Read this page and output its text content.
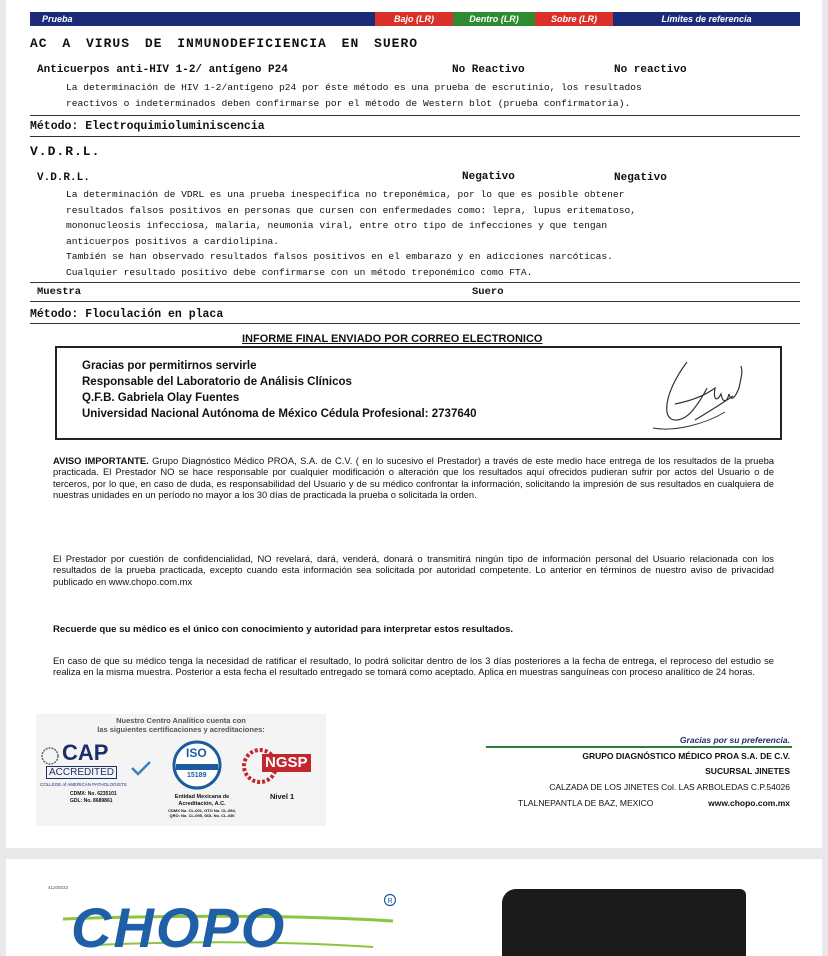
Prueba	Bajo (LR)	Dentro (LR)	Sobre (LR)	Límites de referencia
AC A VIRUS DE INMUNODEFICIENCIA EN SUERO
Anticuerpos anti-HIV 1-2/ antígeno P24	No Reactivo	No reactivo
La determinación de HIV 1-2/antígeno p24 por éste método es una prueba de escrutinio, los resultados
reactivos o indeterminados deben confirmarse por el método de Western blot (prueba confirmatoria).
Método: Electroquimioluminiscencia
V.D.R.L.
V.D.R.L.	Negativo	Negativo
La determinación de VDRL es una prueba inespecifica no treponémica, por lo que es posible obtener
resultados falsos positivos en personas que cursen con enfermedades como: lepra, lupus eritematoso,
mononucleosis infecciosa, malaria, neumonia viral, entre otro tipo de infecciones y que tengan
anticuerpos positivos a cardiolipina.
También se han observado resultados falsos positivos en el embarazo y en adicciones narcóticas.
Cualquier resultado positivo debe confirmarse con un método treponémico como FTA.
Muestra	Suero
Método: Floculación en placa
INFORME FINAL ENVIADO POR CORREO ELECTRONICO
Gracias por permitirnos servirle
Responsable del Laboratorio de Análisis Clínicos
Q.F.B. Gabriela Olay Fuentes
Universidad Nacional Autónoma de México Cédula Profesional: 2737640
AVISO IMPORTANTE. Grupo Diagnóstico Médico PROA, S.A. de C.V. ( en lo sucesivo el Prestador) a través de este medio hace entrega de los resultados de la prueba practicada. El Prestador NO se hace responsable por cualquier modificación o alteración que los resultados aquí ofrecidos pudieran sufrir por actos del Usuario o de terceros, por lo que, en caso de duda, es responsabilidad del Usuario y de su médico confrontar la información, solicitando la impresión de sus resultados en cualquiera de nuestras unidades en un período no mayor a los 30 días de practicada la prueba o solicitada la orden.
El Prestador por cuestión de confidencialidad, NO revelará, dará, venderá, donará o transmitirá ningún tipo de información personal del Usuario relacionada con los resultados de la prueba practicada, excepto cuando esta información sea solicitada por autoridad competente. Lo anterior en términos de nuestro aviso de privacidad publicado en www.chopo.com.mx
Recuerde que su médico es el único con conocimiento y autoridad para interpretar estos resultados.
En caso de que su médico tenga la necesidad de ratificar el resultado, lo podrá solicitar dentro de los 3 días posteriores a la fecha de entrega, el reproceso del estudio se realiza en la misma muestra. Posterior a esta fecha el resultado entregado se tomará como aceptado. Aplica en muestras sanguíneas con proceso analítico de 24 horas.
Nuestro Centro Analítico cuenta con
las siguientes certificaciones y acreditaciones:
CAP
ACCREDITED
COLLEGE of AMERICAN PATHOLOGISTS
CDMX: No. 6235101
GDL: No. 8689861
ISO
15189
Entidad Mexicana de
Acreditación, A.C.
CDMX No. CL-001, GTO No. CL-094,
QRO: No. CL-095, GDL No. CL-030
NGSP
Nivel 1
Gracias por su preferencia.
GRUPO DIAGNÓSTICO MÉDICO PROA S.A. DE C.V.
SUCURSAL JINETES
CALZADA DE LOS JINETES Col. LAS ARBOLEDAS C.P.54026
TLALNEPANTLA DE BAZ, MEXICO	www.chopo.com.mx
41200033
CHOPO	R
